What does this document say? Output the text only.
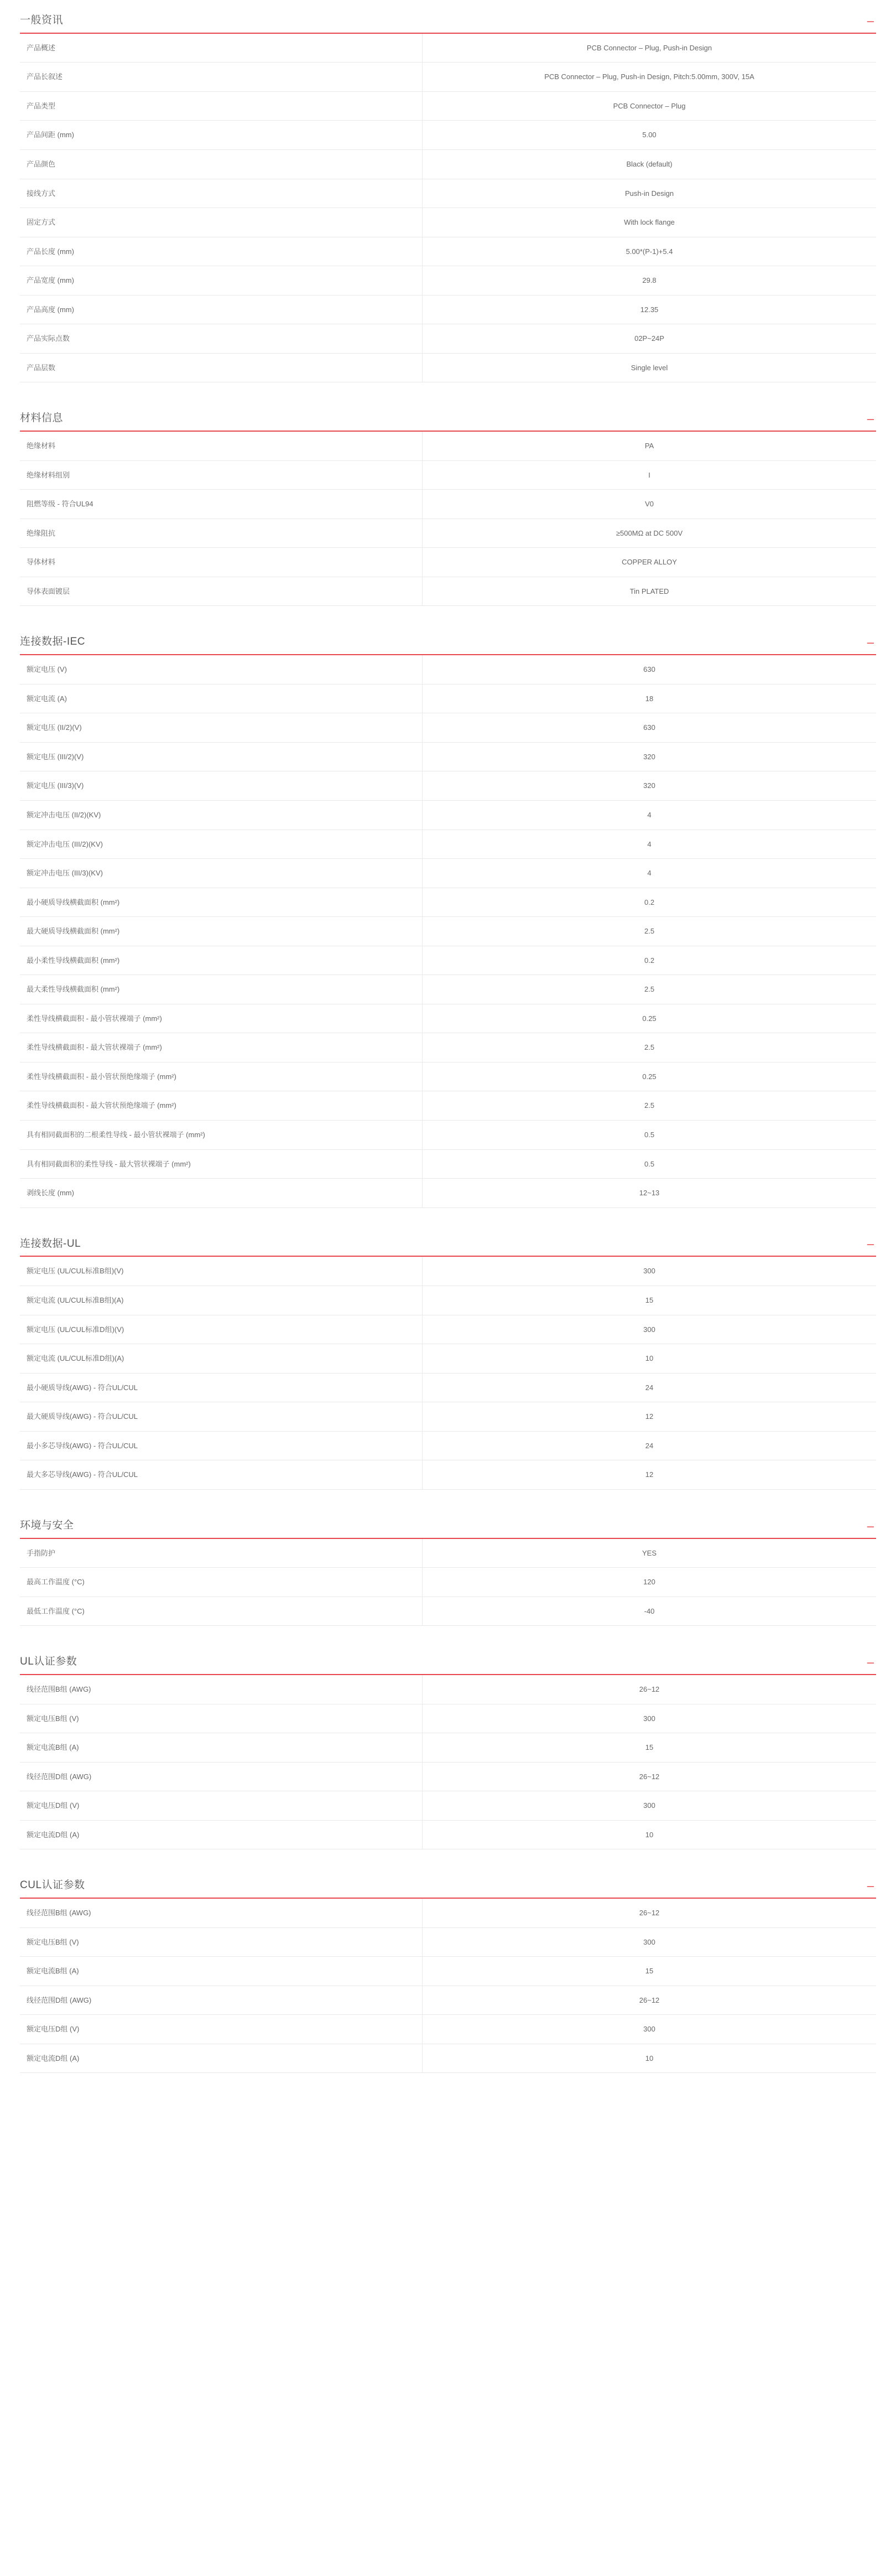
一般资讯	–
产品概述	PCB Connector – Plug, Push-in Design
产品长叙述	PCB Connector – Plug, Push-in Design, Pitch:5.00mm, 300V, 15A
产品类型	PCB Connector – Plug
产品间距 (mm)	5.00
产品颜色	Black (default)
接线方式	Push-in Design
固定方式	With lock flange
产品长度 (mm)	5.00*(P-1)+5.4
产品宽度 (mm)	29.8
产品高度 (mm)	12.35
产品实际点数	02P~24P
产品层数	Single level
材料信息	–
绝缘材料	PA
绝缘材料组别	I
阻燃等级 - 符合UL94	V0
绝缘阻抗	≥500MΩ at DC 500V
导体材料	COPPER ALLOY
导体表面镀层	Tin PLATED
连接数据-IEC	–
额定电压 (V)	630
额定电流 (A)	18
额定电压 (II/2)(V)	630
额定电压 (III/2)(V)	320
额定电压 (III/3)(V)	320
额定冲击电压 (II/2)(KV)	4
额定冲击电压 (III/2)(KV)	4
额定冲击电压 (III/3)(KV)	4
最小硬质导线横截面积 (mm²)	0.2
最大硬质导线横截面积 (mm²)	2.5
最小柔性导线横截面积 (mm²)	0.2
最大柔性导线横截面积 (mm²)	2.5
柔性导线横截面积 - 最小管状裸端子 (mm²)	0.25
柔性导线横截面积 - 最大管状裸端子 (mm²)	2.5
柔性导线横截面积 - 最小管状预绝缘端子 (mm²)	0.25
柔性导线横截面积 - 最大管状预绝缘端子 (mm²)	2.5
具有相同截面积的二根柔性导线 - 最小管状裸端子 (mm²)	0.5
具有相同截面积的柔性导线 - 最大管状裸端子 (mm²)	0.5
剥线长度 (mm)	12~13
连接数据-UL	–
额定电压 (UL/CUL标准B组)(V)	300
额定电流 (UL/CUL标准B组)(A)	15
额定电压 (UL/CUL标准D组)(V)	300
额定电流 (UL/CUL标准D组)(A)	10
最小硬质导线(AWG) - 符合UL/CUL	24
最大硬质导线(AWG) - 符合UL/CUL	12
最小多芯导线(AWG) - 符合UL/CUL	24
最大多芯导线(AWG) - 符合UL/CUL	12
环境与安全	–
手指防护	YES
最高工作温度 (°C)	120
最低工作温度 (°C)	-40
UL认证参数	–
线径范围B组 (AWG)	26~12
额定电压B组 (V)	300
额定电流B组 (A)	15
线径范围D组 (AWG)	26~12
额定电压D组 (V)	300
额定电流D组 (A)	10
CUL认证参数	–
线径范围B组 (AWG)	26~12
额定电压B组 (V)	300
额定电流B组 (A)	15
线径范围D组 (AWG)	26~12
额定电压D组 (V)	300
额定电流D组 (A)	10
